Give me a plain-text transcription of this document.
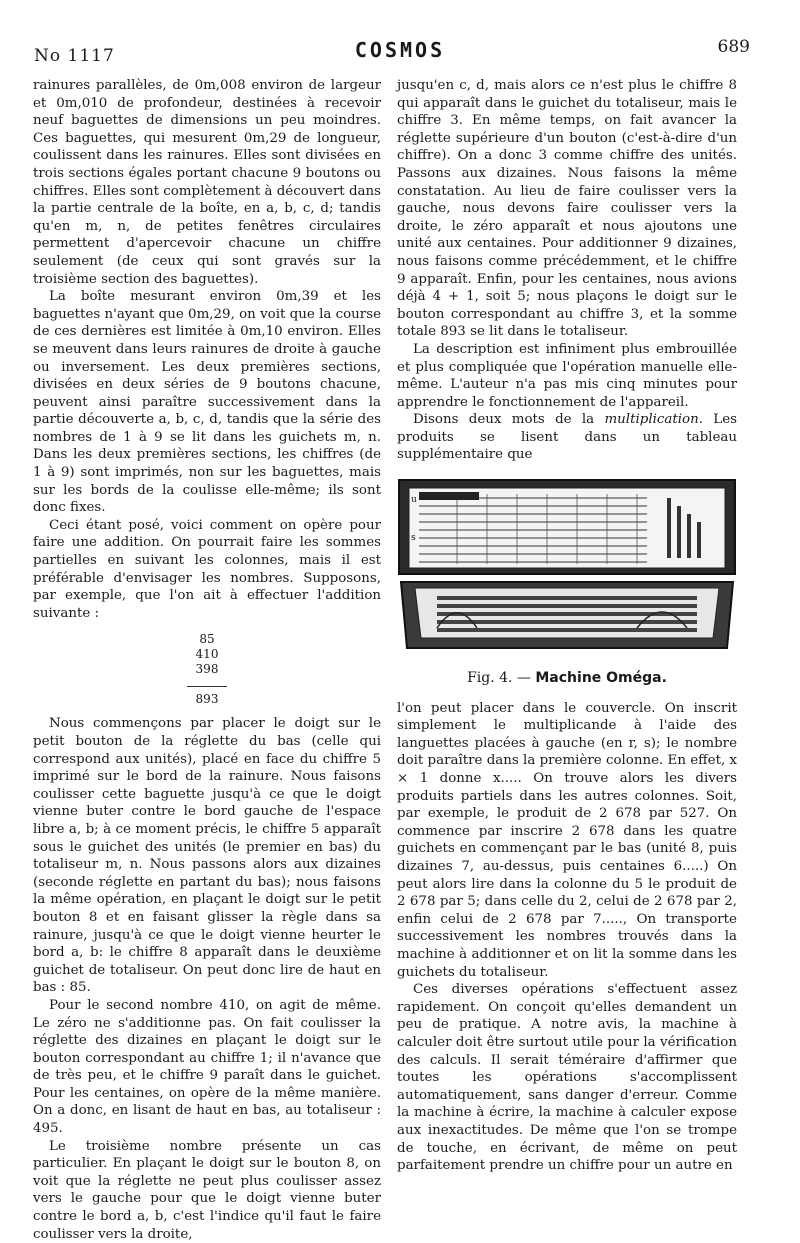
No 1117	COSMOS	689

rainures parallèles, de 0m,008 environ de largeur et 0m,010 de profondeur, destinées à recevoir neuf baguettes de dimensions un peu moindres. Ces baguettes, qui mesurent 0m,29 de longueur, coulissent dans les rainures. Elles sont divisées en trois sections égales portant chacune 9 boutons ou chiffres. Elles sont complètement à découvert dans la partie centrale de la boîte, en a, b, c, d; tandis qu'en m, n, de petites fenêtres circulaires permettent d'apercevoir chacune un chiffre seulement (de ceux qui sont gravés sur la troisième section des baguettes).

La boîte mesurant environ 0m,39 et les baguettes n'ayant que 0m,29, on voit que la course de ces dernières est limitée à 0m,10 environ. Elles se meuvent dans leurs rainures de droite à gauche ou inversement. Les deux premières sections, divisées en deux séries de 9 boutons chacune, peuvent ainsi paraître successivement dans la partie découverte a, b, c, d, tandis que la série des nombres de 1 à 9 se lit dans les guichets m, n. Dans les deux premières sections, les chiffres (de 1 à 9) sont imprimés, non sur les baguettes, mais sur les bords de la coulisse elle-même; ils sont donc fixes.

Ceci étant posé, voici comment on opère pour faire une addition. On pourrait faire les sommes partielles en suivant les colonnes, mais il est préférable d'envisager les nombres. Supposons, par exemple, que l'on ait à effectuer l'addition suivante :

85
410
398
893

Nous commençons par placer le doigt sur le petit bouton de la réglette du bas (celle qui correspond aux unités), placé en face du chiffre 5 imprimé sur le bord de la rainure. Nous faisons coulisser cette baguette jusqu'à ce que le doigt vienne buter contre le bord gauche de l'espace libre a, b; à ce moment précis, le chiffre 5 apparaît sous le guichet des unités (le premier en bas) du totaliseur m, n. Nous passons alors aux dizaines (seconde réglette en partant du bas); nous faisons la même opération, en plaçant le doigt sur le petit bouton 8 et en faisant glisser la règle dans sa rainure, jusqu'à ce que le doigt vienne heurter le bord a, b: le chiffre 8 apparaît dans le deuxième guichet de totaliseur. On peut donc lire de haut en bas : 85.

Pour le second nombre 410, on agit de même. Le zéro ne s'additionne pas. On fait coulisser la réglette des dizaines en plaçant le doigt sur le bouton correspondant au chiffre 1; il n'avance que de très peu, et le chiffre 9 paraît dans le guichet. Pour les centaines, on opère de la même manière. On a donc, en lisant de haut en bas, au totaliseur : 495.

Le troisième nombre présente un cas particulier. En plaçant le doigt sur le bouton 8, on voit que la réglette ne peut plus coulisser assez vers le gauche pour que le doigt vienne buter contre le bord a, b, c'est l'indice qu'il faut le faire coulisser vers la droite,

jusqu'en c, d, mais alors ce n'est plus le chiffre 8 qui apparaît dans le guichet du totaliseur, mais le chiffre 3. En même temps, on fait avancer la réglette supérieure d'un bouton (c'est-à-dire d'un chiffre). On a donc 3 comme chiffre des unités. Passons aux dizaines. Nous faisons la même constatation. Au lieu de faire coulisser vers la gauche, nous devons faire coulisser vers la droite, le zéro apparaît et nous ajoutons une unité aux centaines. Pour additionner 9 dizaines, nous faisons comme précédemment, et le chiffre 9 apparaît. Enfin, pour les centaines, nous avions déjà 4 + 1, soit 5; nous plaçons le doigt sur le bouton correspondant au chiffre 3, et la somme totale 893 se lit dans le totaliseur.

La description est infiniment plus embrouillée et plus compliquée que l'opération manuelle elle-même. L'auteur n'a pas mis cinq minutes pour apprendre le fonctionnement de l'appareil.

Disons deux mots de la multiplication. Les produits se lisent dans un tableau supplémentaire que

u
s
Fig. 4. — Machine Oméga.

l'on peut placer dans le couvercle. On inscrit simplement le multiplicande à l'aide des languettes placées à gauche (en r, s); le nombre doit paraître dans la première colonne. En effet, x × 1 donne x..... On trouve alors les divers produits partiels dans les autres colonnes. Soit, par exemple, le produit de 2 678 par 527. On commence par inscrire 2 678 dans les quatre guichets en commençant par le bas (unité 8, puis dizaines 7, au-dessus, puis centaines 6.....) On peut alors lire dans la colonne du 5 le produit de 2 678 par 5; dans celle du 2, celui de 2 678 par 2, enfin celui de 2 678 par 7....., On transporte successivement les nombres trouvés dans la machine à additionner et on lit la somme dans les guichets du totaliseur.

Ces diverses opérations s'effectuent assez rapidement. On conçoit qu'elles demandent un peu de pratique. A notre avis, la machine à calculer doit être surtout utile pour la vérification des calculs. Il serait téméraire d'affirmer que toutes les opérations s'accomplissent automatiquement, sans danger d'erreur. Comme la machine à écrire, la machine à calculer expose aux inexactitudes. De même que l'on se trompe de touche, en écrivant, de même on peut parfaitement prendre un chiffre pour un autre en
